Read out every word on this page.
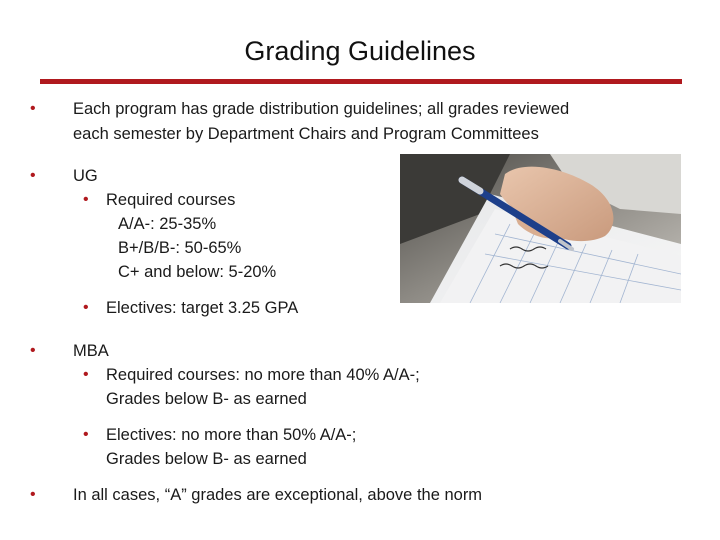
Grading Guidelines
• Each program has grade distribution guidelines; all grades reviewed
each semester by Department Chairs and Program Committees
• UG
• Required courses
A/A-: 25-35%
B+/B/B-: 50-65%
C+ and below: 5-20%
• Electives: target 3.25 GPA
• MBA
• Required courses: no more than 40% A/A-;
Grades below B- as earned
• Electives: no more than 50% A/A-;
Grades below B- as earned
• In all cases, “A” grades are exceptional, above the norm
